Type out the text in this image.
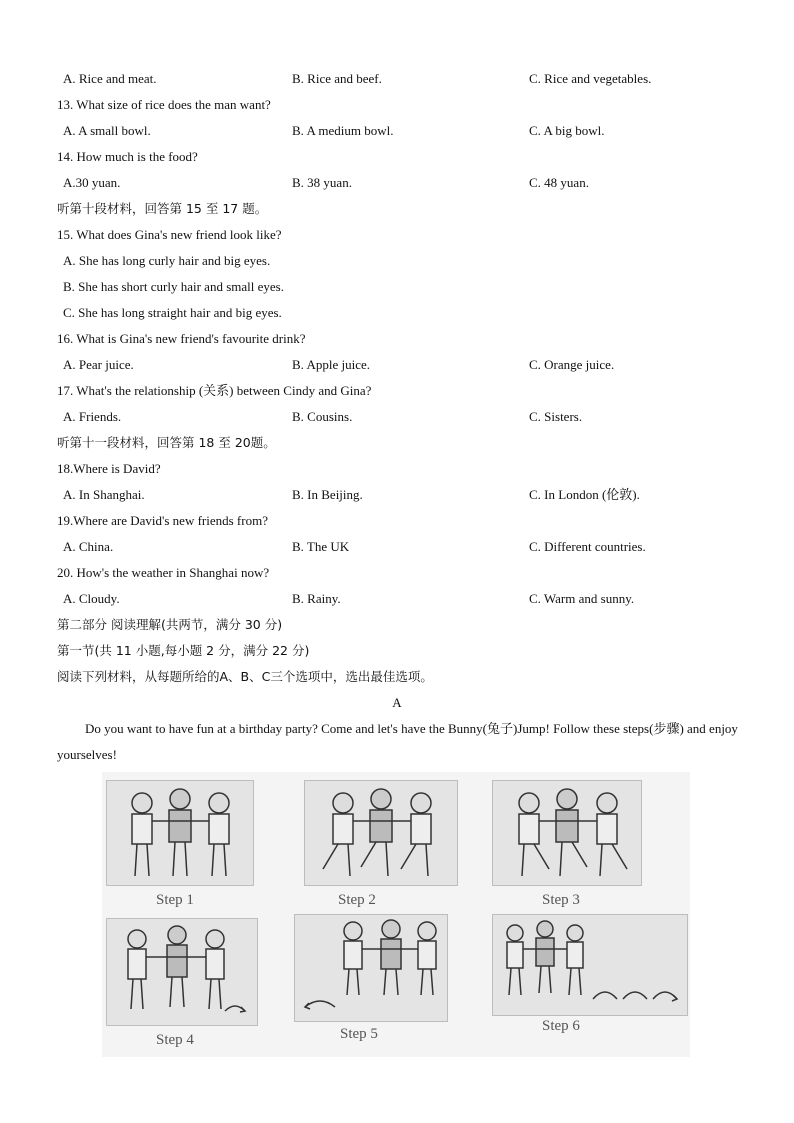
A. Rice and meat.	B. Rice and beef.	C. Rice and vegetables.
13. What size of rice does the man want?
A. A small bowl.	B. A medium bowl.	C. A big bowl.
14. How much is the food?
A.30 yuan.	B. 38 yuan.	C. 48 yuan.
听第十段材料，回答第 15 至 17 题。
15. What does Gina's new friend look like?
A. She has long curly hair and big eyes.
B. She has short curly hair and small eyes.
C. She has long straight hair and big eyes.
16. What is Gina's new friend's favourite drink?
A. Pear juice.	B. Apple juice.	C. Orange juice.
17. What's the relationship (关系) between Cindy and Gina?
A. Friends.	B. Cousins.	C. Sisters.
听第十一段材料，回答第 18 至 20题。
18.Where is David?
A. In Shanghai.	B. In Beijing.	C. In London (伦敦).
19.Where are David's new friends from?
A. China.	B. The UK	C. Different countries.
20. How's the weather in Shanghai now?
A. Cloudy.	B. Rainy.	C. Warm and sunny.
第二部分 阅读理解(共两节，满分 30 分)
第一节(共 11 小题,每小题 2 分，满分 22 分)
阅读下列材料，从每题所给的A、B、C三个选项中，选出最佳选项。
A
Do you want to have fun at a birthday party? Come and let's have the Bunny(兔子)Jump! Follow these steps(步骤) and enjoy yourselves!
Step 1	Step 2	Step 3
Step 4	Step 5	Step 6
